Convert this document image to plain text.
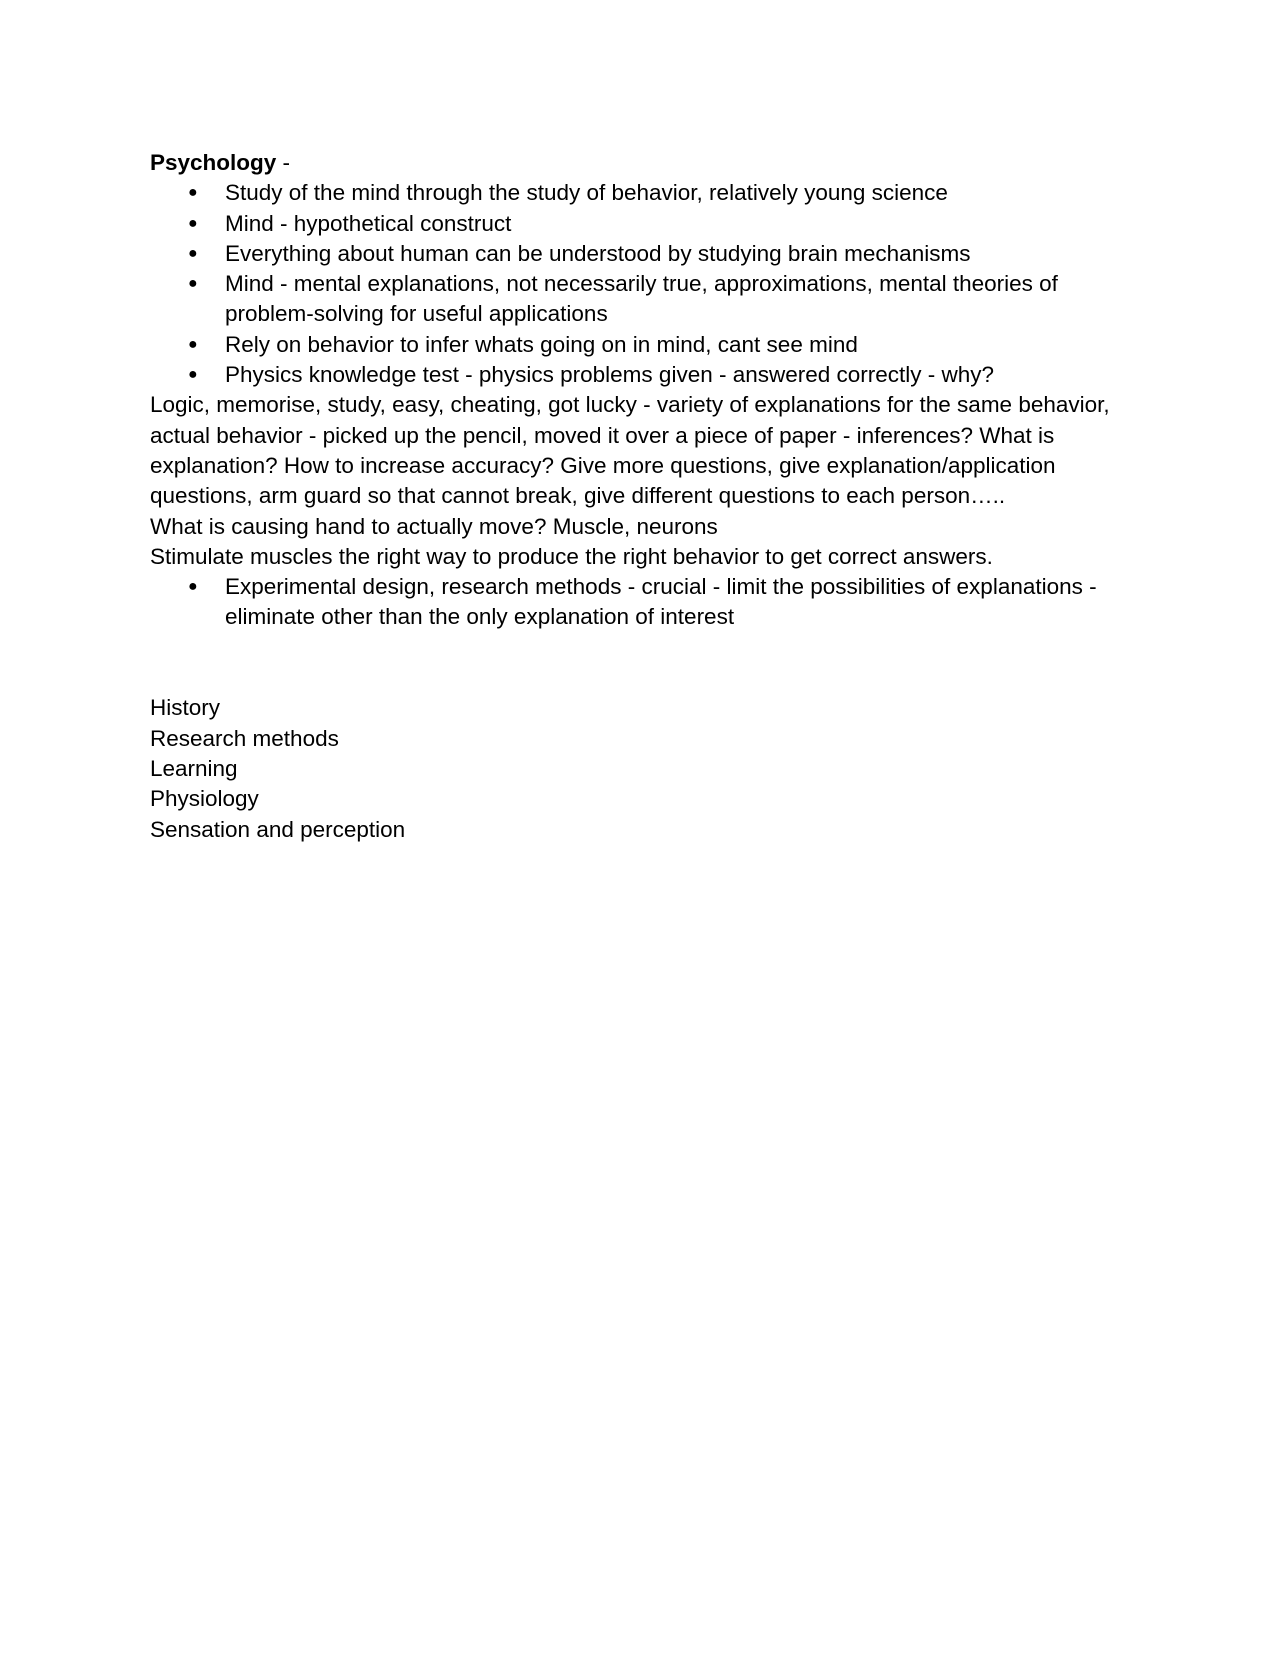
Psychology -

● Study of the mind through the study of behavior, relatively young science
● Mind - hypothetical construct
● Everything about human can be understood by studying brain mechanisms
● Mind - mental explanations, not necessarily true, approximations, mental theories of problem-solving for useful applications
● Rely on behavior to infer whats going on in mind, cant see mind
● Physics knowledge test - physics problems given - answered correctly - why?

Logic, memorise, study, easy, cheating, got lucky - variety of explanations for the same behavior, actual behavior - picked up the pencil, moved it over a piece of paper - inferences? What is explanation? How to increase accuracy? Give more questions, give explanation/application questions, arm guard so that cannot break, give different questions to each person…..

What is causing hand to actually move? Muscle, neurons

Stimulate muscles the right way to produce the right behavior to get correct answers.

● Experimental design, research methods - crucial - limit the possibilities of explanations - eliminate other than the only explanation of interest
History
Research methods
Learning
Physiology
Sensation and perception
